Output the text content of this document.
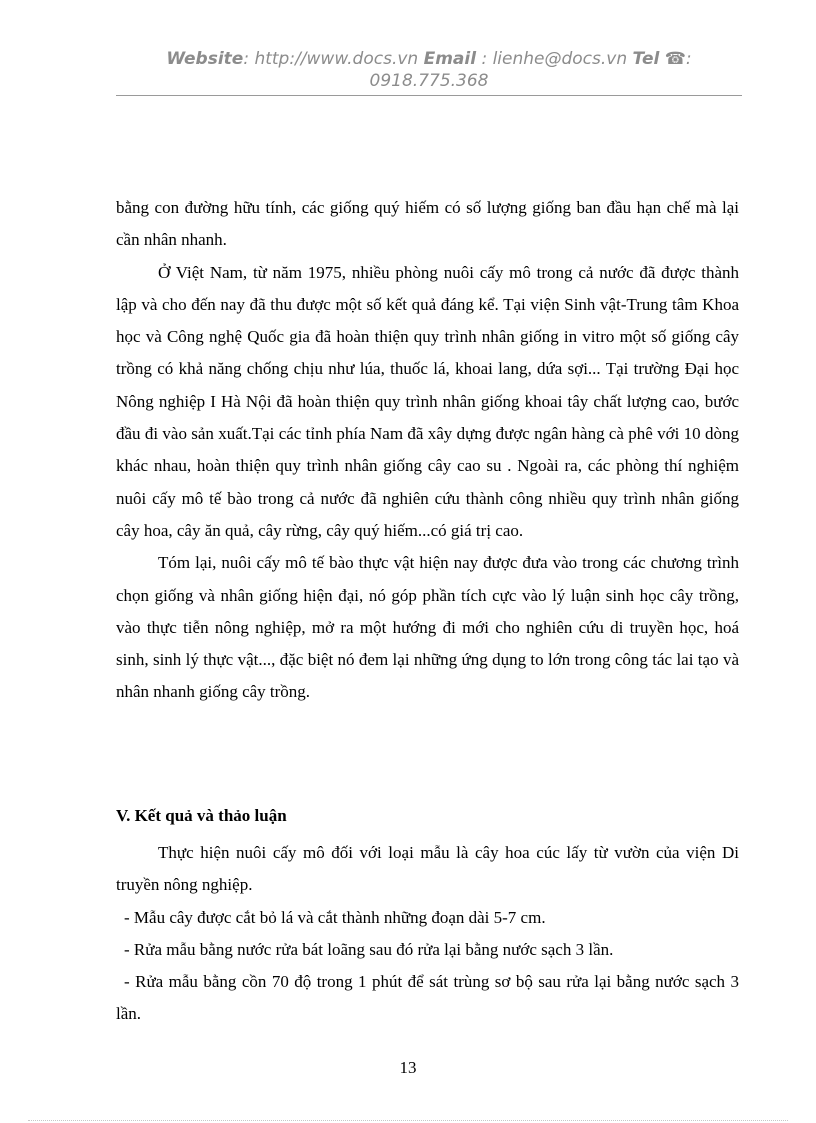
Website: http://www.docs.vn Email : lienhe@docs.vn Tel ☎:
0918.775.368

bằng con đường hữu tính, các giống quý hiếm có số lượng giống ban đầu hạn chế mà lại cần nhân nhanh.

Ở Việt Nam, từ năm 1975, nhiều phòng nuôi cấy mô trong cả nước đã được thành lập và cho đến nay đã thu được một số kết quả đáng kể. Tại viện Sinh vật-Trung tâm Khoa học và Công nghệ Quốc gia đã hoàn thiện quy trình nhân giống in vitro một số giống cây trồng có khả năng chống chịu như lúa, thuốc lá, khoai lang, dứa sợi... Tại trường Đại học Nông nghiệp I Hà Nội đã hoàn thiện quy trình nhân giống khoai tây chất lượng cao, bước đầu đi vào sản xuất.Tại các tỉnh phía Nam đã xây dựng được ngân hàng cà phê với 10 dòng khác nhau, hoàn thiện quy trình nhân giống cây cao su . Ngoài ra, các phòng thí nghiệm nuôi cấy mô tế bào trong cả nước đã nghiên cứu thành công nhiều quy trình nhân giống cây hoa, cây ăn quả, cây rừng, cây quý hiếm...có giá trị cao.

Tóm lại, nuôi cấy mô tế bào thực vật hiện nay được đưa vào trong các chương trình chọn giống và nhân giống hiện đại, nó góp phần tích cực vào lý luận sinh học cây trồng, vào thực tiễn nông nghiệp, mở ra một hướng đi mới cho nghiên cứu di truyền học, hoá sinh, sinh lý thực vật..., đặc biệt nó đem lại những ứng dụng to lớn trong công tác lai tạo và nhân nhanh giống cây trồng.

V. Kết quả và thảo luận

Thực hiện nuôi cấy mô đối với loại mẫu là cây hoa cúc lấy từ vườn của viện Di truyền nông nghiệp.

- Mẫu cây được cắt bỏ lá và cắt thành những đoạn dài 5-7 cm.

- Rửa mẫu bằng nước rửa bát loãng sau đó rửa lại bằng nước sạch 3 lần.

- Rửa mẫu bằng cồn 70 độ trong 1 phút để sát trùng sơ bộ sau rửa lại bằng nước sạch 3 lần.

13
